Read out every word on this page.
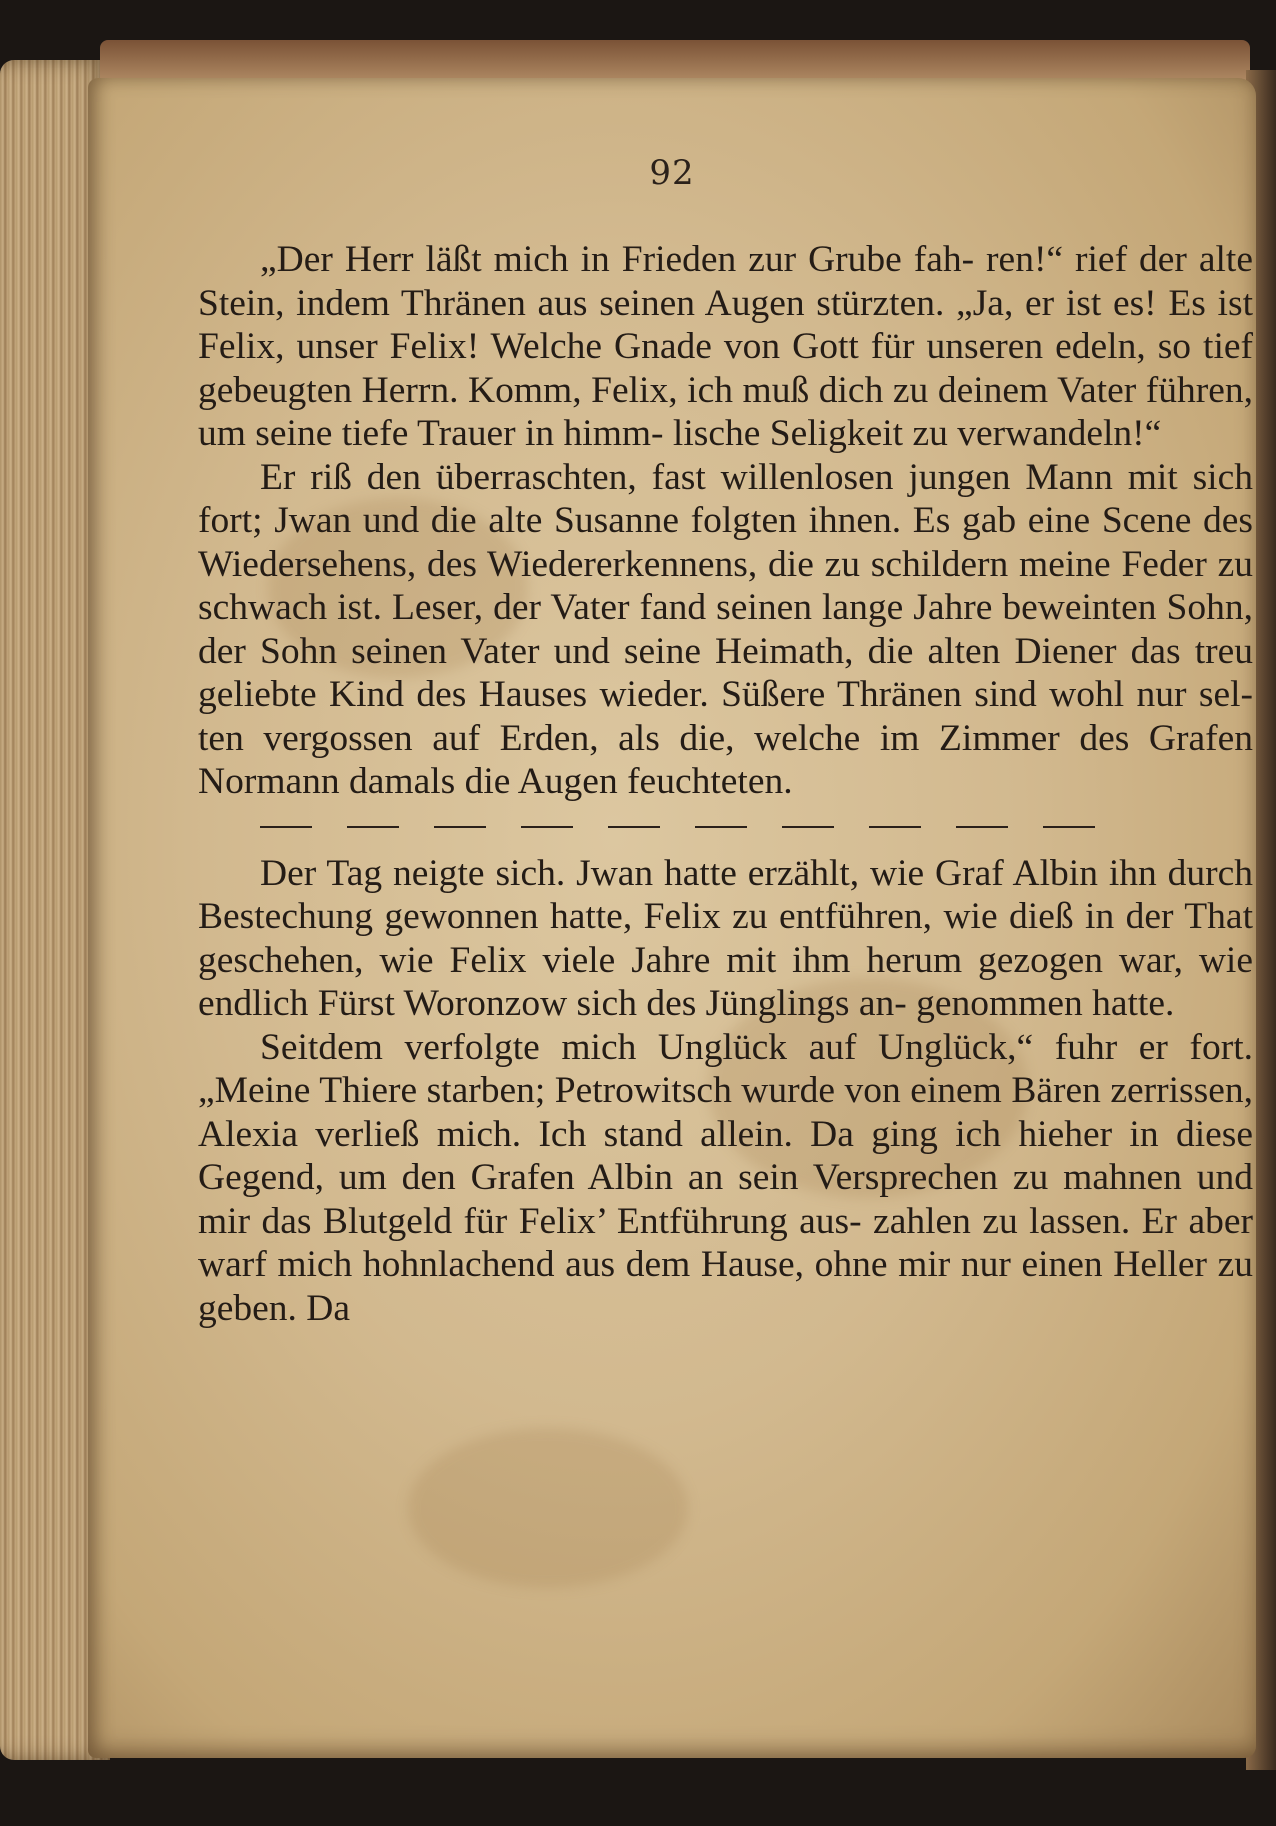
92

„Der Herr läßt mich in Frieden zur Grube fah- ren!“ rief der alte Stein, indem Thränen aus seinen Augen stürzten. „Ja, er ist es! Es ist Felix, unser Felix! Welche Gnade von Gott für unseren edeln, so tief gebeugten Herrn. Komm, Felix, ich muß dich zu deinem Vater führen, um seine tiefe Trauer in himm- lische Seligkeit zu verwandeln!“

Er riß den überraschten, fast willenlosen jungen Mann mit sich fort; Jwan und die alte Susanne folgten ihnen. Es gab eine Scene des Wiedersehens, des Wiedererkennens, die zu schildern meine Feder zu schwach ist. Leser, der Vater fand seinen lange Jahre beweinten Sohn, der Sohn seinen Vater und seine Heimath, die alten Diener das treu geliebte Kind des Hauses wieder. Süßere Thränen sind wohl nur sel- ten vergossen auf Erden, als die, welche im Zimmer des Grafen Normann damals die Augen feuchteten.

Der Tag neigte sich. Jwan hatte erzählt, wie Graf Albin ihn durch Bestechung gewonnen hatte, Felix zu entführen, wie dieß in der That geschehen, wie Felix viele Jahre mit ihm herum gezogen war, wie endlich Fürst Woronzow sich des Jünglings an- genommen hatte.

Seitdem verfolgte mich Unglück auf Unglück,“ fuhr er fort. „Meine Thiere starben; Petrowitsch wurde von einem Bären zerrissen, Alexia verließ mich. Ich stand allein. Da ging ich hieher in diese Gegend, um den Grafen Albin an sein Versprechen zu mahnen und mir das Blutgeld für Felix’ Entführung aus- zahlen zu lassen. Er aber warf mich hohnlachend aus dem Hause, ohne mir nur einen Heller zu geben. Da
